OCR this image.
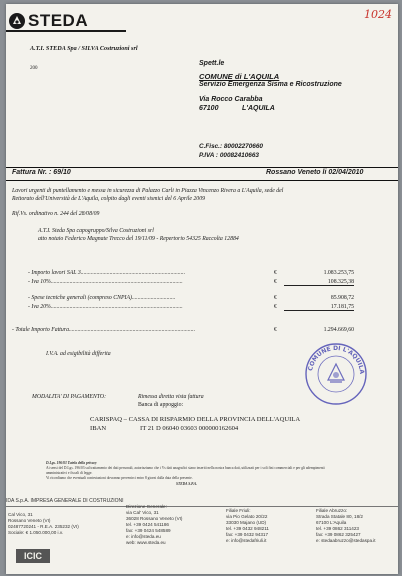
STEDA
A.T.I. STEDA Spa / SILVA Costruzioni srl
200
1024
Spett.le
COMUNE di L'AQUILA
Servizio Emergenza Sisma e Ricostruzione
Via Rocco Carabba
67100	L'AQUILA
C.Fisc.: 80002270660
P.IVA : 00082410663
Fattura Nr. : 69/10	Rossano Veneto li 02/04/2010
Lavori urgenti di puntellamento e messa in sicurezza di Palazzo Carli in Piazza Vincenzo Rivera a L'Aquila, sede del
Rettorato dell'Università de L'Aquila, colpito dagli eventi sismici del 6 Aprile 2009
Rif.Vs. ordinativo n. 244 del 28/08/09
A.T.I. Steda Spa capogruppo/Silva Costruzioni srl
atto notaio Federico Magnate Trecco del 19/11/09 - Repertorio 54325 Raccolta 12884
- Importo lavori SAL 3........................................................................	€	1.083.253,75
- Iva 10%...........................................................................................	€	108.325,38
- Spese tecniche generali (compreso CNPIA)..............................	€	85.908,72
- Iva 20%...........................................................................................	€	17.181,75
- Totale Importo Fattura.......................................................................................	€	1.294.669,60
I.V.A. ad esigibilità differita
COMUNE DI L'AQUILA
MODALITA' DI PAGAMENTO:	Rimessa diretta vista fattura
Banca di appoggio:
CARISPAQ – CASSA DI RISPARMIO DELLA PROVINCIA DELL'AQUILA
IBAN	IT 21 D 06040 03603 000000162604
D.Lgs. 196/03 Tutela della privacy
Ai sensi del D.Lgs. 196/03 sul trattamento dei dati personali, autorizziamo che i Vs dati anagrafici siano inseriti nella nostra banca dati, utilizzati per i soli fini commerciali e per gli adempimenti
amministrativi e fiscali di legge.
Vi ricordiamo che eventuali contestazioni dovranno pervenirci entro 8 giorni dalla data della presente.
STEDA S.P.A.
IDA S.p.A. IMPRESA GENERALE DI COSTRUZIONI
Cal Vico, 31
Rossano Veneto (VI)
02487720241 - R.E.A. 235232 (VI)
Sociale: € 1.050.000,00 i.v.
Direzione Generale:
via Cal' Vico, 31
36028 Rossano Veneto (VI)
tel. +39 0424 541186
fax: +39 0424 548589
e: info@steda.eu
web: www.steda.eu
Filiale Friuli:
via Pio Gelato 20/22
33030 Majano (UD)
tel. +39 0432 948211
fax: +39 0432 94317
e: info@stedafriuli.it
Filiale Abruzzo:
Strada Statale 80, 18/2
67100 L'Aquila
tel. +39 0862 311423
fax: +39 0862 325427
e: stedaabruzzo@stedaspa.it
ICIC
